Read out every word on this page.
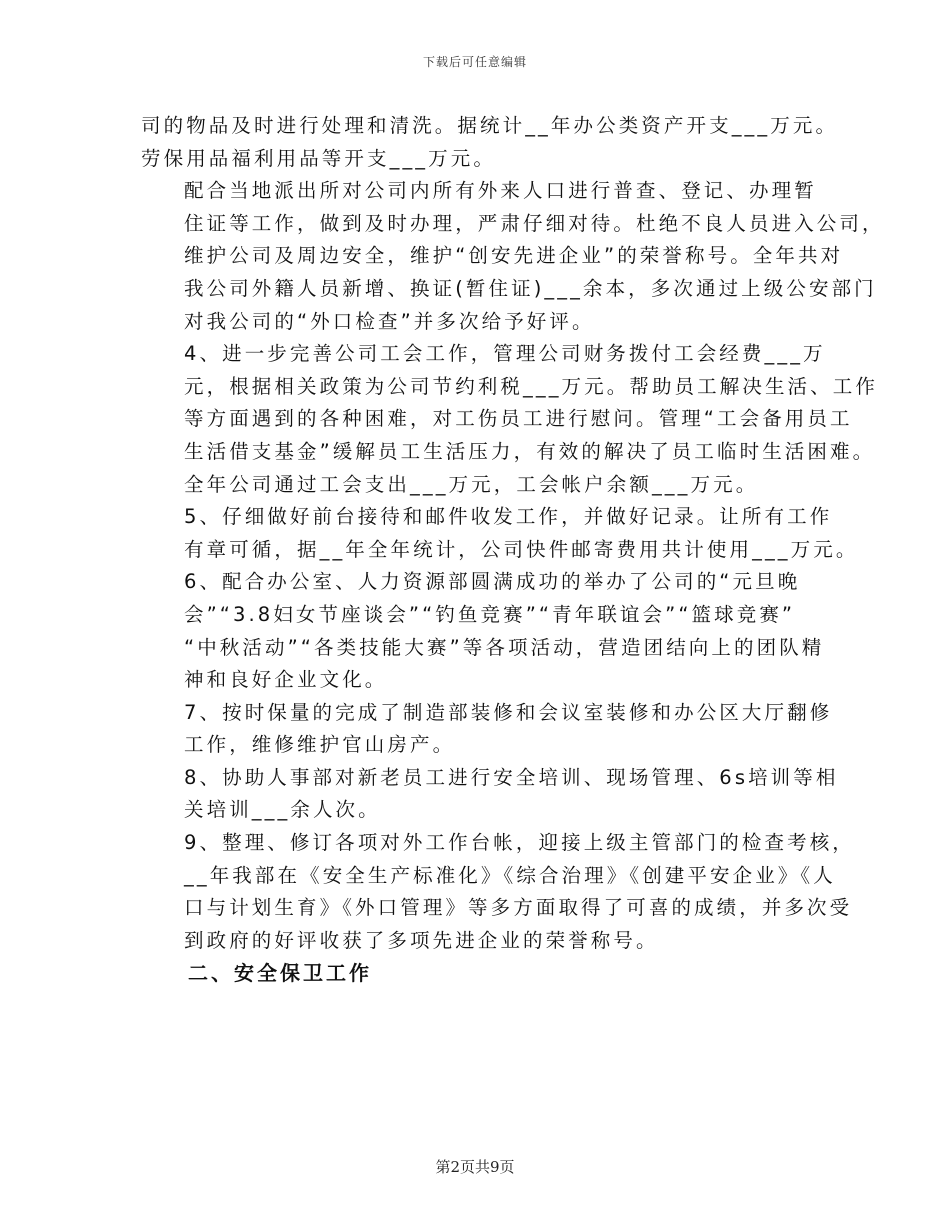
下载后可任意编辑

司的物品及时进行处理和清洗。据统计__年办公类资产开支___万元。
劳保用品福利用品等开支___万元。

配合当地派出所对公司内所有外来人口进行普查、登记、办理暂
住证等工作，做到及时办理，严肃仔细对待。杜绝不良人员进入公司，
维护公司及周边安全，维护“创安先进企业”的荣誉称号。全年共对
我公司外籍人员新增、换证(暂住证)___余本，多次通过上级公安部门
对我公司的“外口检查”并多次给予好评。

4、进一步完善公司工会工作，管理公司财务拨付工会经费___万
元，根据相关政策为公司节约利税___万元。帮助员工解决生活、工作
等方面遇到的各种困难，对工伤员工进行慰问。管理“工会备用员工
生活借支基金”缓解员工生活压力，有效的解决了员工临时生活困难。
全年公司通过工会支出___万元，工会帐户余额___万元。

5、仔细做好前台接待和邮件收发工作，并做好记录。让所有工作
有章可循，据__年全年统计，公司快件邮寄费用共计使用___万元。

6、配合办公室、人力资源部圆满成功的举办了公司的“元旦晚
会”“3.8妇女节座谈会”“钓鱼竞赛”“青年联谊会”“篮球竞赛”
“中秋活动”“各类技能大赛”等各项活动，营造团结向上的团队精
神和良好企业文化。

7、按时保量的完成了制造部装修和会议室装修和办公区大厅翻修
工作，维修维护官山房产。

8、协助人事部对新老员工进行安全培训、现场管理、6s培训等相
关培训___余人次。

9、整理、修订各项对外工作台帐，迎接上级主管部门的检查考核，
__年我部在《安全生产标准化》《综合治理》《创建平安企业》《人
口与计划生育》《外口管理》等多方面取得了可喜的成绩，并多次受
到政府的好评收获了多项先进企业的荣誉称号。

二、安全保卫工作

第2页共9页
